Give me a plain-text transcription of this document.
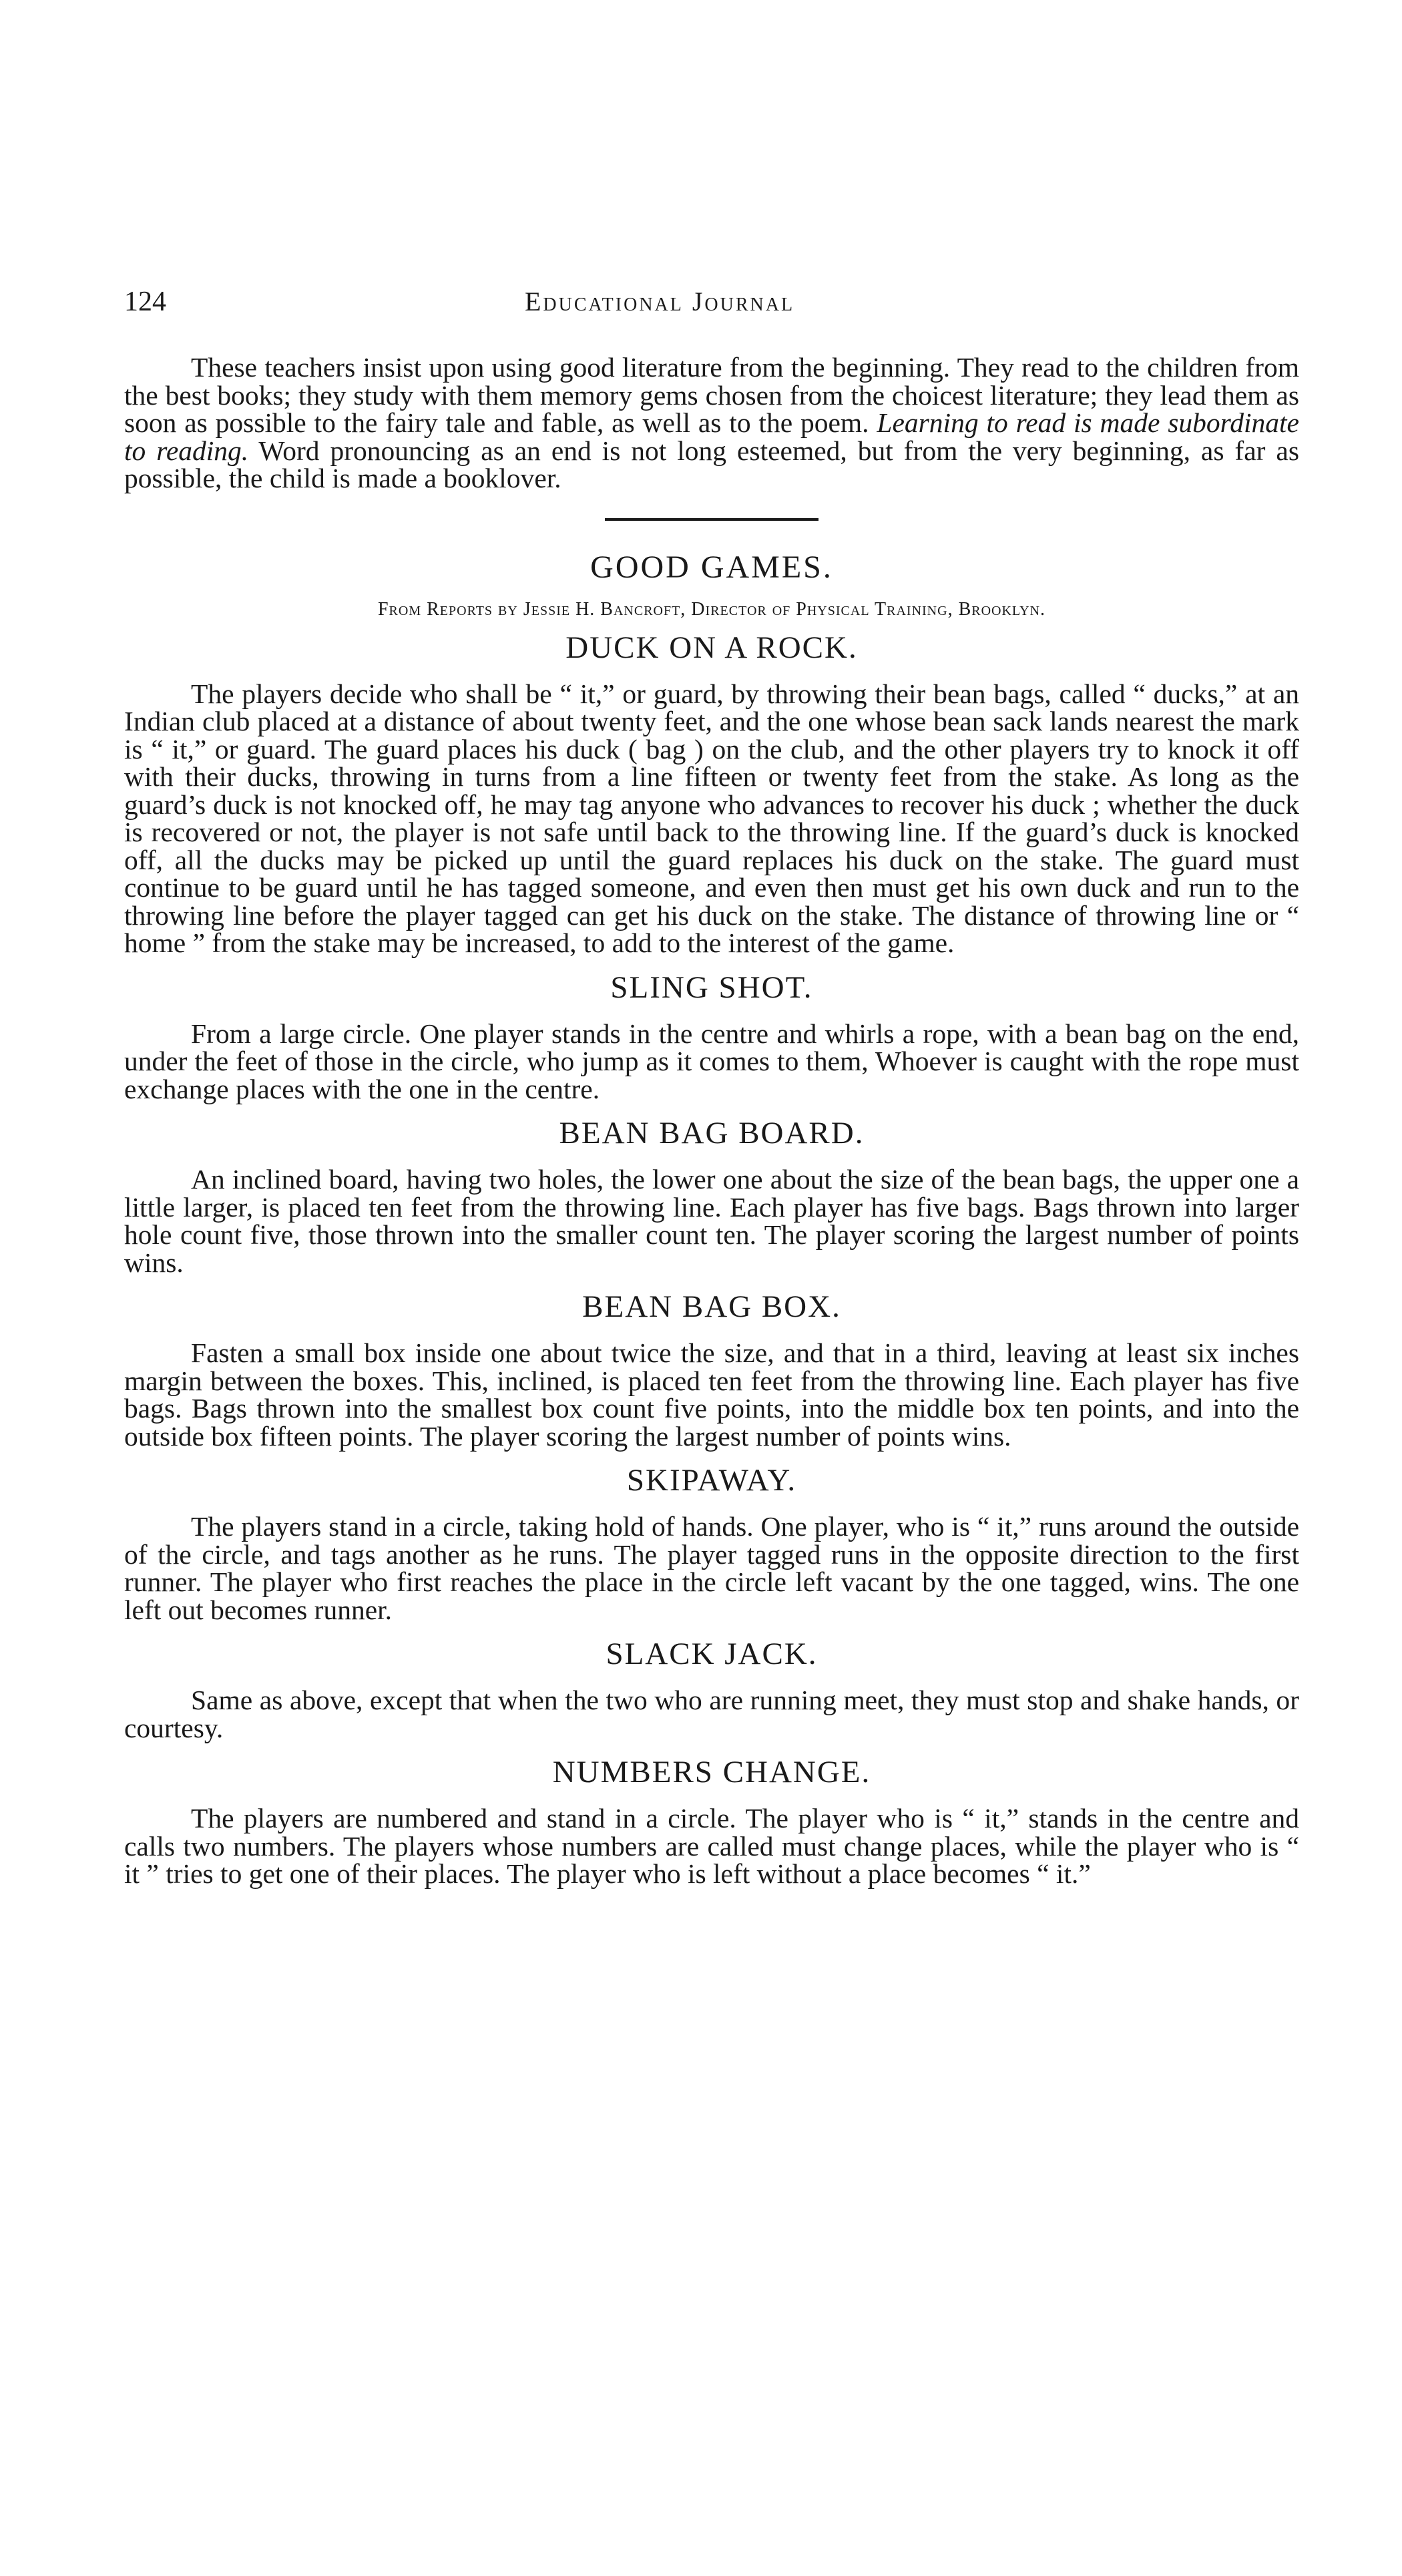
124	Educational Journal

These teachers insist upon using good literature from the beginning. They read to the children from the best books; they study with them memory gems chosen from the choicest literature; they lead them as soon as possible to the fairy tale and fable, as well as to the poem. Learning to read is made subordinate to reading. Word pronouncing as an end is not long esteemed, but from the very beginning, as far as possible, the child is made a booklover.

GOOD GAMES.
From Reports by Jessie H. Bancroft, Director of Physical Training, Brooklyn.
DUCK ON A ROCK.

The players decide who shall be “ it,” or guard, by throwing their bean bags, called “ ducks,” at an Indian club placed at a distance of about twenty feet, and the one whose bean sack lands nearest the mark is “ it,” or guard. The guard places his duck ( bag ) on the club, and the other players try to knock it off with their ducks, throwing in turns from a line fifteen or twenty feet from the stake. As long as the guard’s duck is not knocked off, he may tag anyone who advances to recover his duck ; whether the duck is recovered or not, the player is not safe until back to the throwing line. If the guard’s duck is knocked off, all the ducks may be picked up until the guard replaces his duck on the stake. The guard must continue to be guard until he has tagged someone, and even then must get his own duck and run to the throwing line before the player tagged can get his duck on the stake. The distance of throwing line or “ home ” from the stake may be increased, to add to the interest of the game.

SLING SHOT.

From a large circle. One player stands in the centre and whirls a rope, with a bean bag on the end, under the feet of those in the circle, who jump as it comes to them, Whoever is caught with the rope must exchange places with the one in the centre.

BEAN BAG BOARD.

An inclined board, having two holes, the lower one about the size of the bean bags, the upper one a little larger, is placed ten feet from the throwing line. Each player has five bags. Bags thrown into larger hole count five, those thrown into the smaller count ten. The player scoring the largest number of points wins.

BEAN BAG BOX.

Fasten a small box inside one about twice the size, and that in a third, leaving at least six inches margin between the boxes. This, inclined, is placed ten feet from the throwing line. Each player has five bags. Bags thrown into the smallest box count five points, into the middle box ten points, and into the outside box fifteen points. The player scoring the largest number of points wins.

SKIPAWAY.

The players stand in a circle, taking hold of hands. One player, who is “ it,” runs around the outside of the circle, and tags another as he runs. The player tagged runs in the opposite direction to the first runner. The player who first reaches the place in the circle left vacant by the one tagged, wins. The one left out becomes runner.

SLACK JACK.

Same as above, except that when the two who are running meet, they must stop and shake hands, or courtesy.

NUMBERS CHANGE.

The players are numbered and stand in a circle. The player who is “ it,” stands in the centre and calls two numbers. The players whose numbers are called must change places, while the player who is “ it ” tries to get one of their places. The player who is left without a place becomes “ it.”
